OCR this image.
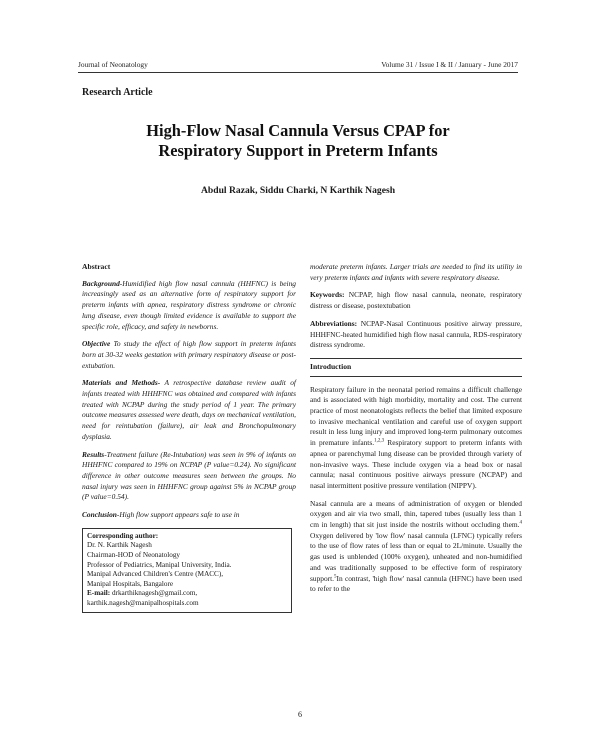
Journal of Neonatology	Volume 31 / Issue I & II / January - June 2017
Research Article
High-Flow Nasal Cannula Versus CPAP for
Respiratory Support in Preterm Infants
Abdul Razak, Siddu Charki, N Karthik Nagesh
Abstract

Background-Humidified high flow nasal cannula (HHFNC) is being increasingly used as an alternative form of respiratory support for preterm infants with apnea, respiratory distress syndrome or chronic lung disease, even though limited evidence is available to support the specific role, efficacy, and safety in newborns.

Objective To study the effect of high flow support in preterm infants born at 30-32 weeks gestation with primary respiratory disease or post-extubation.

Materials and Methods- A retrospective database review audit of infants treated with HHHFNC was obtained and compared with infants treated with NCPAP during the study period of 1 year. The primary outcome measures assessed were death, days on mechanical ventilation, need for reintubation (failure), air leak and Bronchopulmonary dysplasia.

Results-Treatment failure (Re-Intubation) was seen in 9% of infants on HHHFNC compared to 19% on NCPAP (P value=0.24). No significant difference in other outcome measures seen between the groups. No nasal injury was seen in HHHFNC group against 5% in NCPAP group (P value=0.54).

Conclusion-High flow support appears safe to use in

Corresponding author:
Dr. N. Karthik Nagesh
Chairman-HOD of Neonatology
Professor of Pediatrics, Manipal University, India.
Manipal Advanced Children's Centre (MACC),
Manipal Hospitals, Bangalore
E-mail: drkarthiknagesh@gmail.com,
karthik.nagesh@manipalhospitals.com

moderate preterm infants. Larger trials are needed to find its utility in very preterm infants and infants with severe respiratory disease.

Keywords: NCPAP, high flow nasal cannula, neonate, respiratory distress or disease, postextubation

Abbreviations: NCPAP-Nasal Continuous positive airway pressure, HHHFNC-heated humidified high flow nasal cannula, RDS-respiratory distress syndrome.

Introduction

Respiratory failure in the neonatal period remains a difficult challenge and is associated with high morbidity, mortality and cost. The current practice of most neonatologists reflects the belief that limited exposure to invasive mechanical ventilation and careful use of oxygen support result in less lung injury and improved long-term pulmonary outcomes in premature infants.$^{1,2,3}$ Respiratory support to preterm infants with apnea or parenchymal lung disease can be provided through variety of non-invasive ways. These include oxygen via a head box or nasal cannula; nasal continuous positive airways pressure (NCPAP) and nasal intermittent positive pressure ventilation (NIPPV).

Nasal cannula are a means of administration of oxygen or blended oxygen and air via two small, thin, tapered tubes (usually less than 1 cm in length) that sit just inside the nostrils without occluding them.$^4$ Oxygen delivered by 'low flow' nasal cannula (LFNC) typically refers to the use of flow rates of less than or equal to 2L/minute. Usually the gas used is unblended (100% oxygen), unheated and non-humidified and was traditionally supposed to be effective form of respiratory support.$^5$In contrast, 'high flow' nasal cannula (HFNC) have been used to refer to the

6
